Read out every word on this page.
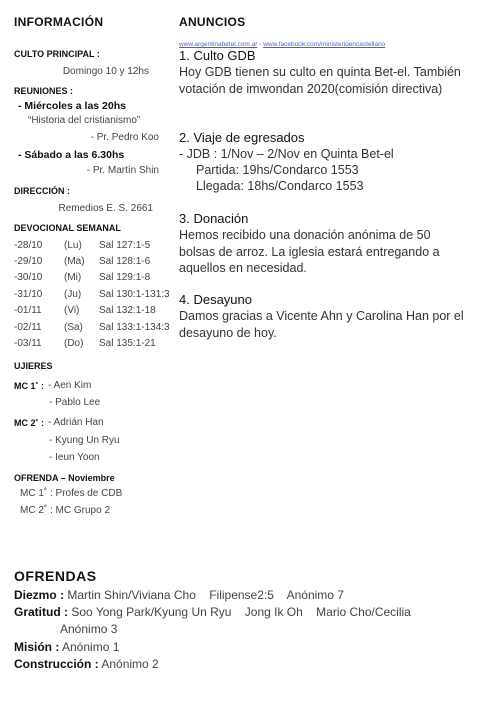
INFORMACIÓN
CULTO PRINCIPAL :
Domingo 10 y 12hs
REUNIONES :
- Miércoles a las 20hs
“Historia del cristianismo”
- Pr. Pedro Koo
- Sábado a las 6.30hs
- Pr. Martín Shin
DIRECCIÓN :
Remedios E. S. 2661
DEVOCIONAL SEMANAL
-28/10 (Lu) Sal 127:1-5
-29/10 (Ma) Sal 128:1-6
-30/10 (Mi) Sal 129:1-8
-31/10 (Ju) Sal 130:1-131:3
-01/11 (Vi) Sal 132:1-18
-02/11 (Sa) Sal 133:1-134:3
-03/11 (Do) Sal 135:1-21
UJIERES
MC 1˚ : - Aen Kim
- Pablo Lee
MC 2˚ : - Adrián Han
- Kyung Un Ryu
- Ieun Yoon
OFRENDA – Noviembre
MC 1˚ : Profes de CDB
MC 2˚ : MC Grupo 2
ANUNCIOS
www.argentinabetel.com.ar - www.facebook.com/ministerioencastellano
1. Culto GDB
Hoy GDB tienen su culto en quinta Bet-el. También votación de imwondan 2020(comisión directiva)
2. Viaje de egresados
- JDB : 1/Nov – 2/Nov en Quinta Bet-el
Partida: 19hs/Condarco 1553
Llegada: 18hs/Condarco 1553
3. Donación
Hemos recibido una donación anónima de 50 bolsas de arroz. La iglesia estará entregando a aquellos en necesidad.
4. Desayuno
Damos gracias a Vicente Ahn y Carolina Han por el desayuno de hoy.
OFRENDAS
Diezmo : Martin Shin/Viviana Cho    Filipense2:5    Anónimo 7
Gratitud : Soo Yong Park/Kyung Un Ryu    Jong Ik Oh    Mario Cho/Cecilia
Anónimo 3
Misión : Anónimo 1
Construcción : Anónimo 2
